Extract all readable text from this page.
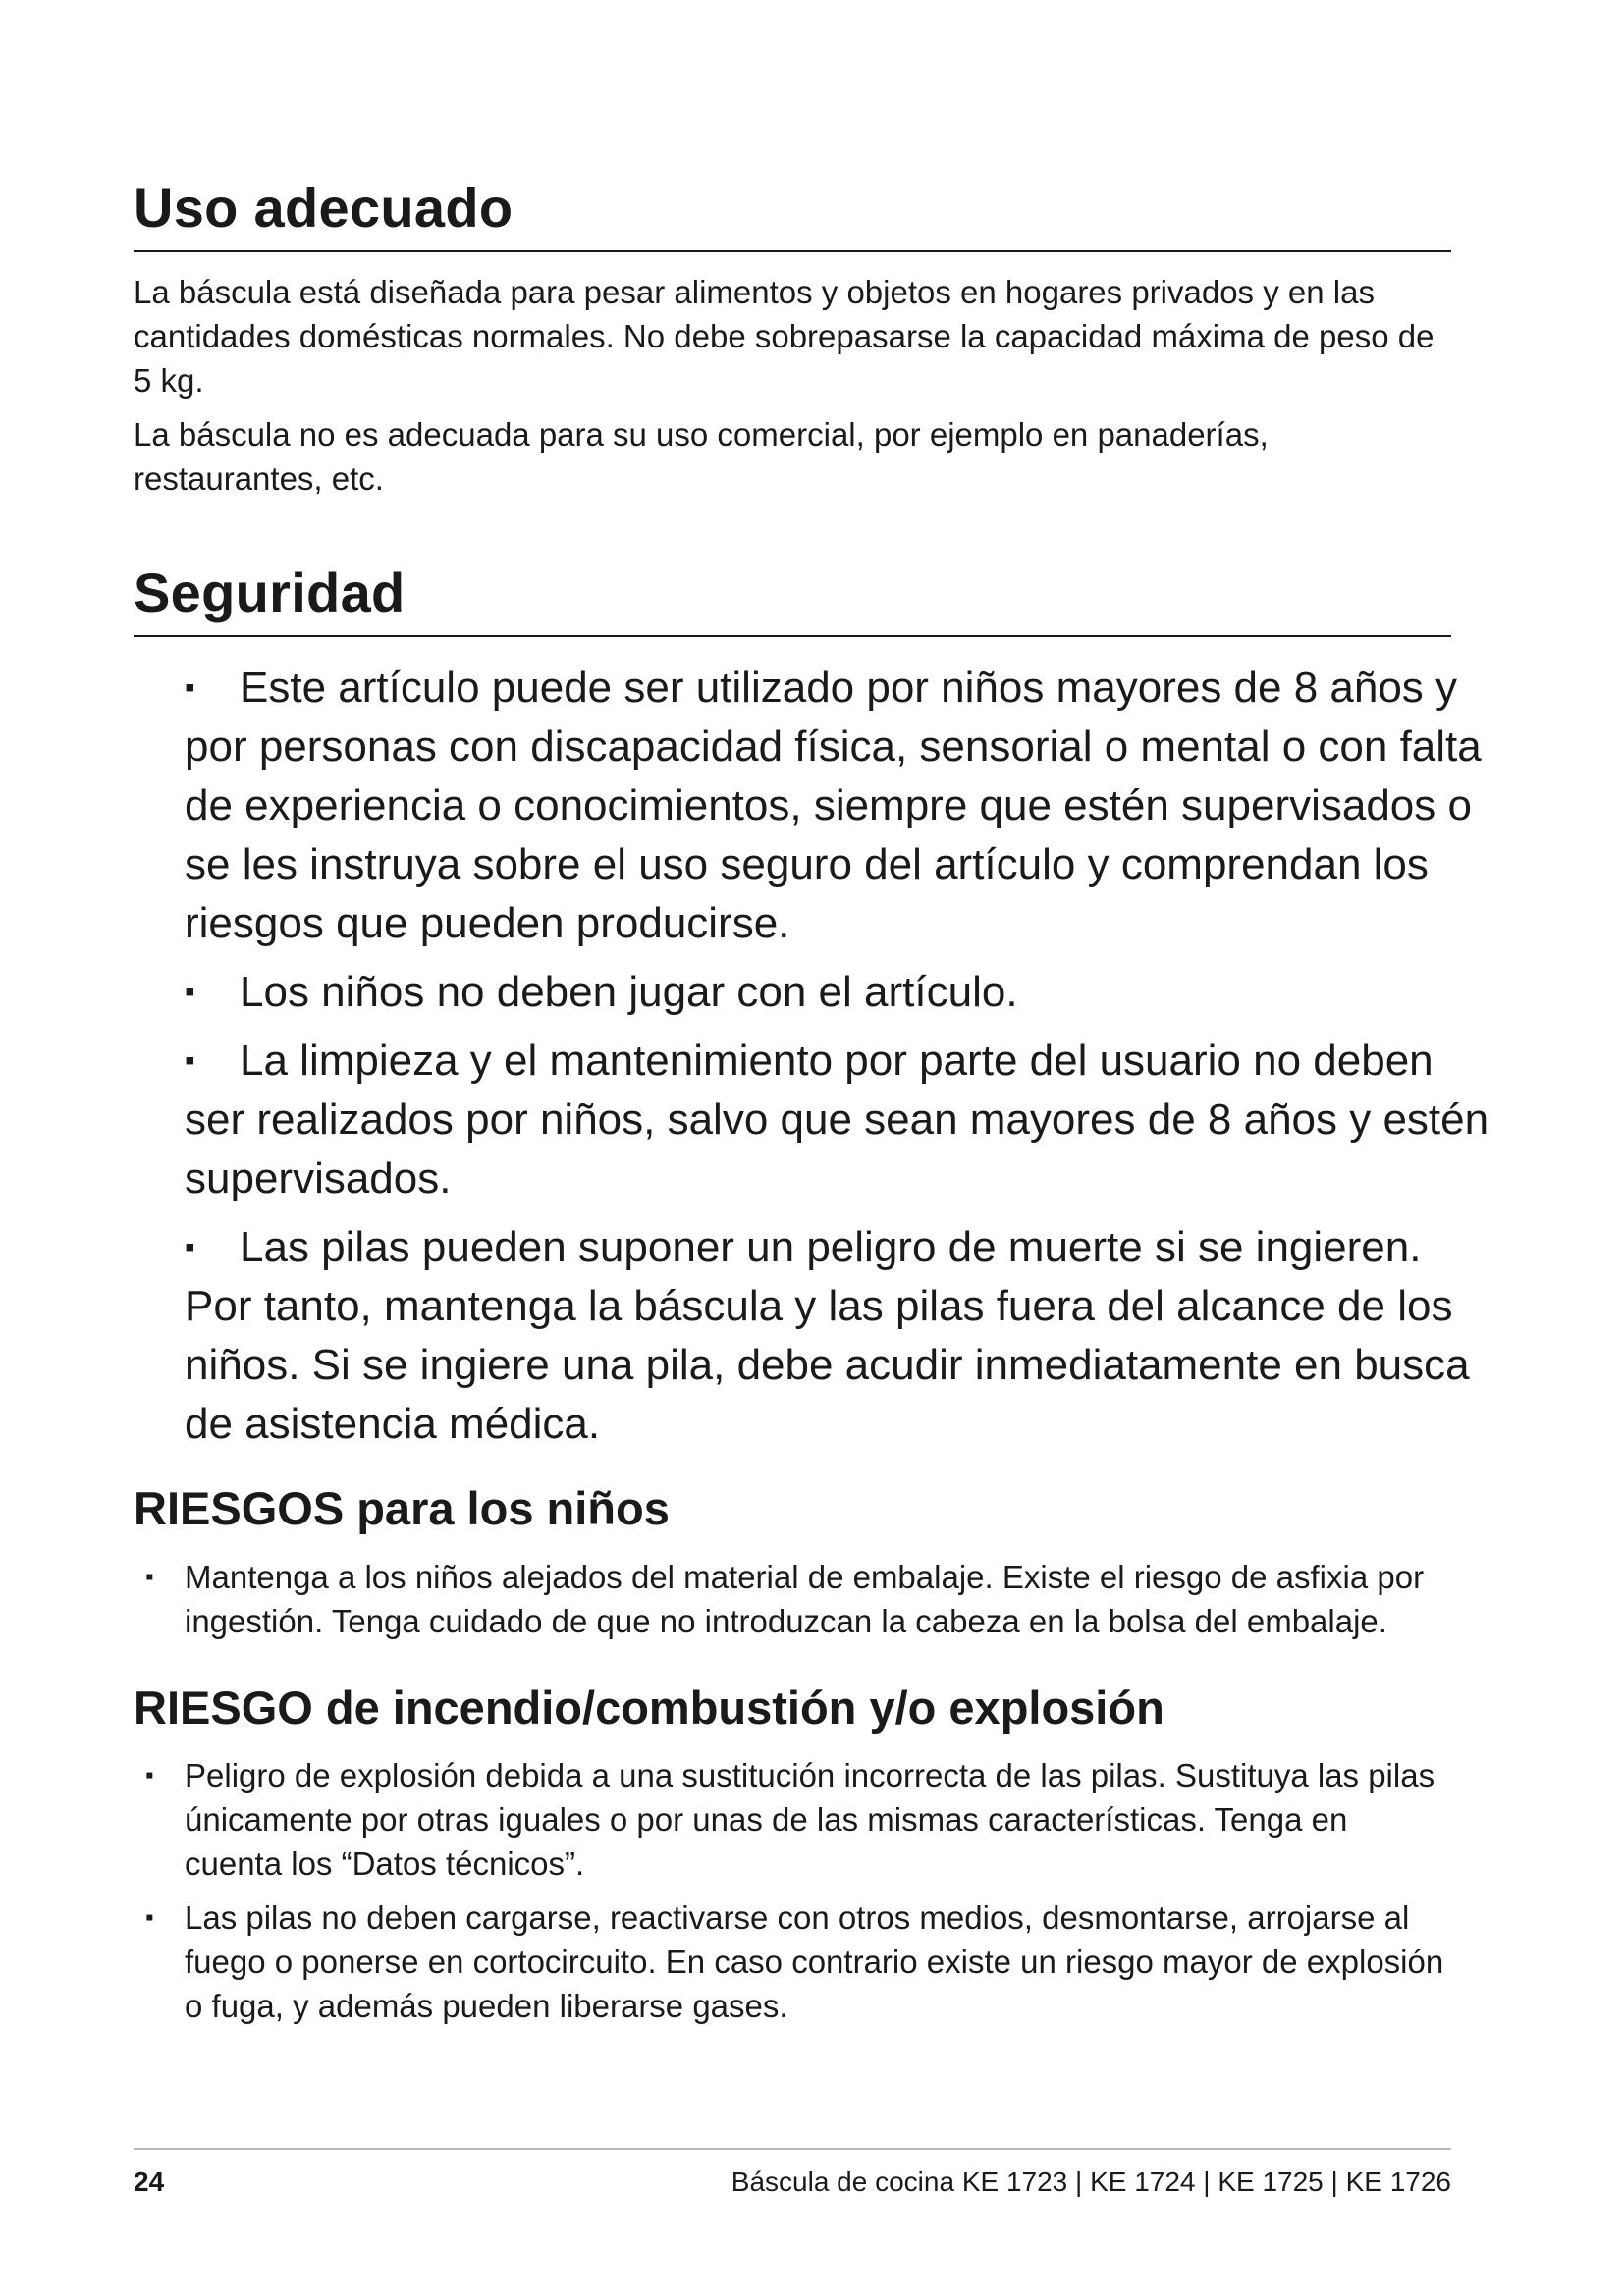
Uso adecuado

La báscula está diseñada para pesar alimentos y objetos en hogares privados y en las cantidades domésticas normales. No debe sobrepasarse la capacidad máxima de peso de 5 kg.

La báscula no es adecuada para su uso comercial, por ejemplo en panaderías, restaurantes, etc.

Seguridad
▪ Este artículo puede ser utilizado por niños mayores de 8 años y por personas con discapacidad física, sensorial o mental o con falta de experiencia o conocimientos, siempre que estén supervisados o se les instruya sobre el uso seguro del artículo y comprendan los riesgos que pueden producirse.
▪ Los niños no deben jugar con el artículo.
▪ La limpieza y el mantenimiento por parte del usuario no deben ser realizados por niños, salvo que sean mayores de 8 años y estén supervisados.
▪ Las pilas pueden suponer un peligro de muerte si se ingieren. Por tanto, mantenga la báscula y las pilas fuera del alcance de los niños. Si se ingiere una pila, debe acudir inmediatamente en busca de asistencia médica.
RIESGOS para los niños
▪ Mantenga a los niños alejados del material de embalaje. Existe el riesgo de asfixia por ingestión. Tenga cuidado de que no introduzcan la cabeza en la bolsa del embalaje.
RIESGO de incendio/combustión y/o explosión
▪ Peligro de explosión debida a una sustitución incorrecta de las pilas. Sustituya las pilas únicamente por otras iguales o por unas de las mismas características. Tenga en cuenta los “Datos técnicos”.
▪ Las pilas no deben cargarse, reactivarse con otros medios, desmontarse, arrojarse al fuego o ponerse en cortocircuito. En caso contrario existe un riesgo mayor de explosión o fuga, y además pueden liberarse gases.
24	Báscula de cocina KE 1723 | KE 1724 | KE 1725 | KE 1726
